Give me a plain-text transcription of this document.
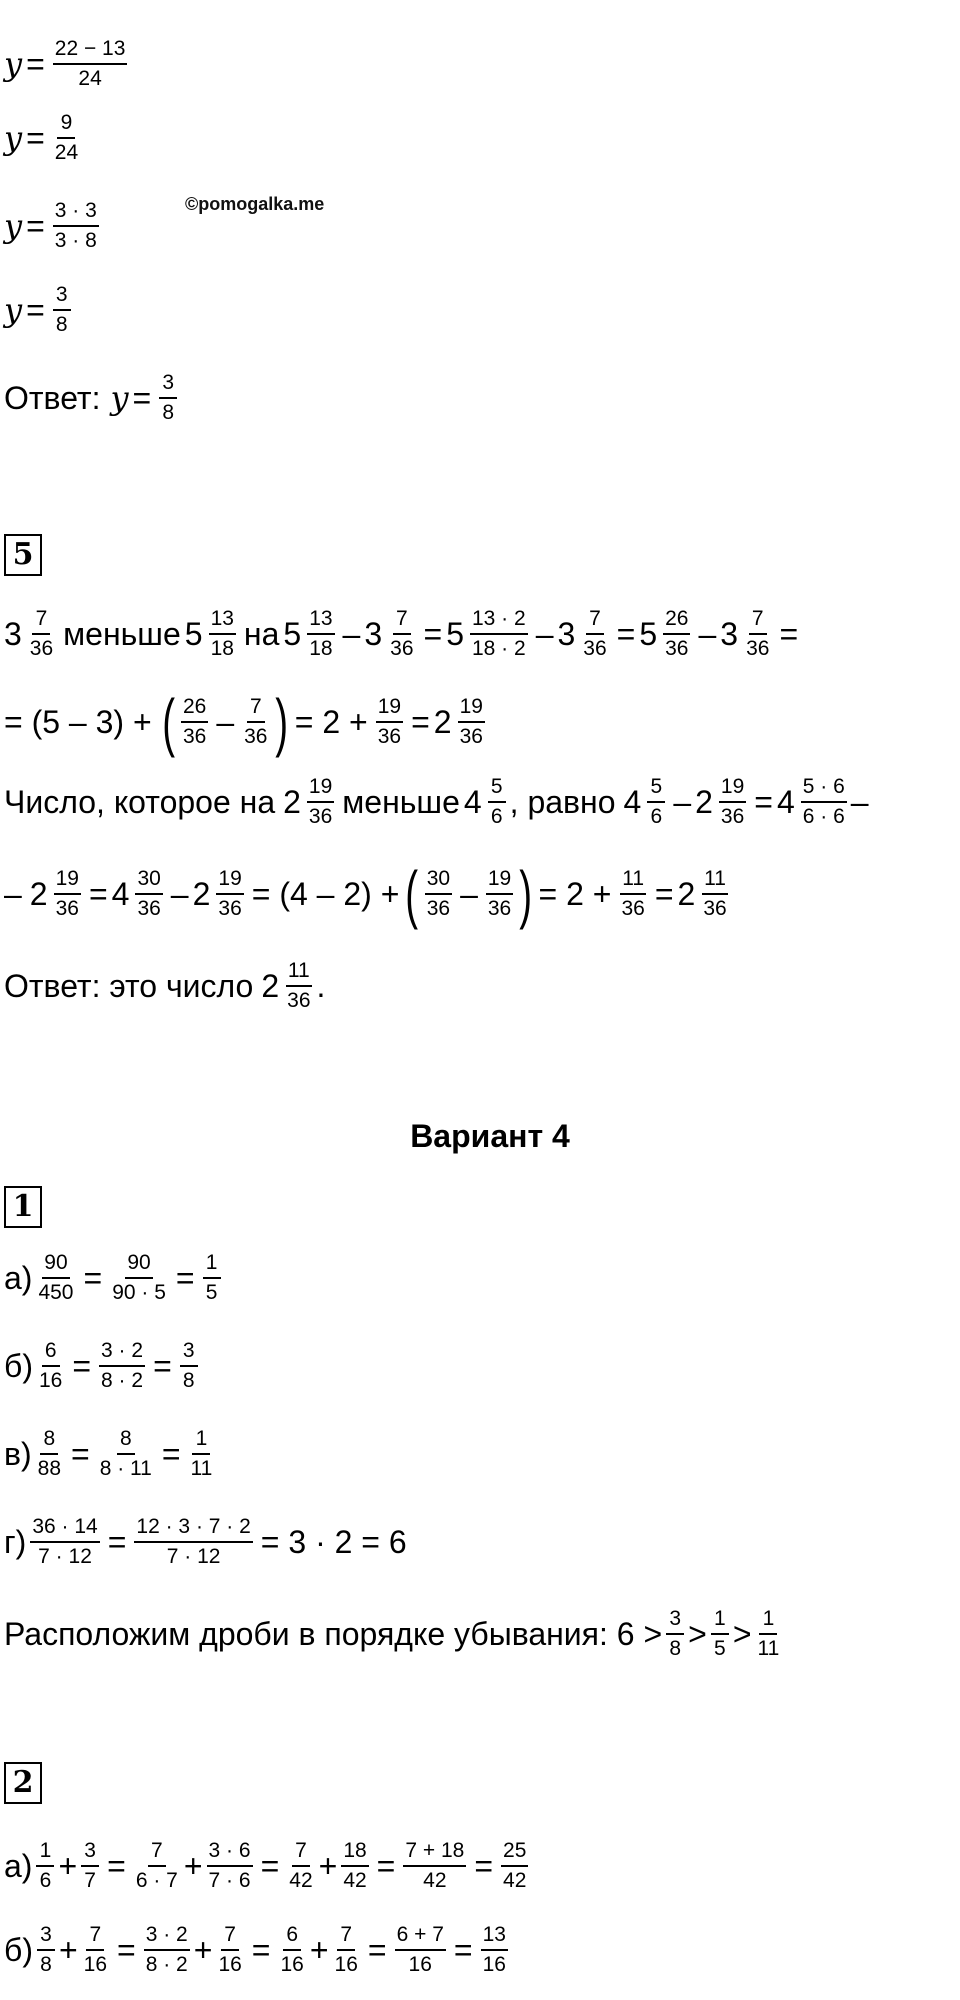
$y = \frac{22 - 13}{24}$
$y = \frac{9}{24}$
©pomogalka.me
$y = \frac{3 \cdot 3}{3 \cdot 8}$
$y = \frac{3}{8}$
Ответ: $y = \frac{3}{8}$
5
$3 \frac{7}{36}$ меньше $5 \frac{13}{18}$ на $5 \frac{13}{18} - 3 \frac{7}{36} = 5 \frac{13 \cdot 2}{18 \cdot 2} - 3 \frac{7}{36} = 5 \frac{26}{36} - 3 \frac{7}{36}$ =
= (5 – 3) + ( $\frac{26}{36} - \frac{7}{36}$ ) = $2 + \frac{19}{36} = 2 \frac{19}{36}$
Число, которое на $2 \frac{19}{36}$ меньше $4 \frac{5}{6}$ , равно $4 \frac{5}{6} - 2 \frac{19}{36} = 4 \frac{5 \cdot 6}{6 \cdot 6}$ –
– $2 \frac{19}{36} = 4 \frac{30}{36} - 2 \frac{19}{36} = (4 - 2)$ + ( $\frac{30}{36} - \frac{19}{36}$ ) = $2 + \frac{11}{36} = 2 \frac{11}{36}$
Ответ: это число $2 \frac{11}{36}$ .
Вариант 4
1
$а) \frac{90}{450} = \frac{90}{90 \cdot 5} = \frac{1}{5}$
$б) \frac{6}{16} = \frac{3 \cdot 2}{8 \cdot 2} = \frac{3}{8}$
$в) \frac{8}{88} = \frac{8}{8 \cdot 11} = \frac{1}{11}$
$г) \frac{36 \cdot 14}{7 \cdot 12} = \frac{12 \cdot 3 \cdot 7 \cdot 2}{7 \cdot 12} = 3 \cdot 2 = 6$
Расположим дроби в порядке убывания: $6 > \frac{3}{8} > \frac{1}{5} > \frac{1}{11}$
2
$а) \frac{1}{6} + \frac{3}{7} = \frac{7}{6 \cdot 7} + \frac{3 \cdot 6}{7 \cdot 6} = \frac{7}{42} + \frac{18}{42} = \frac{7 + 18}{42} = \frac{25}{42}$
$б) \frac{3}{8} + \frac{7}{16} = \frac{3 \cdot 2}{8 \cdot 2} + \frac{7}{16} = \frac{6}{16} + \frac{7}{16} = \frac{6 + 7}{16} = \frac{13}{16}$
